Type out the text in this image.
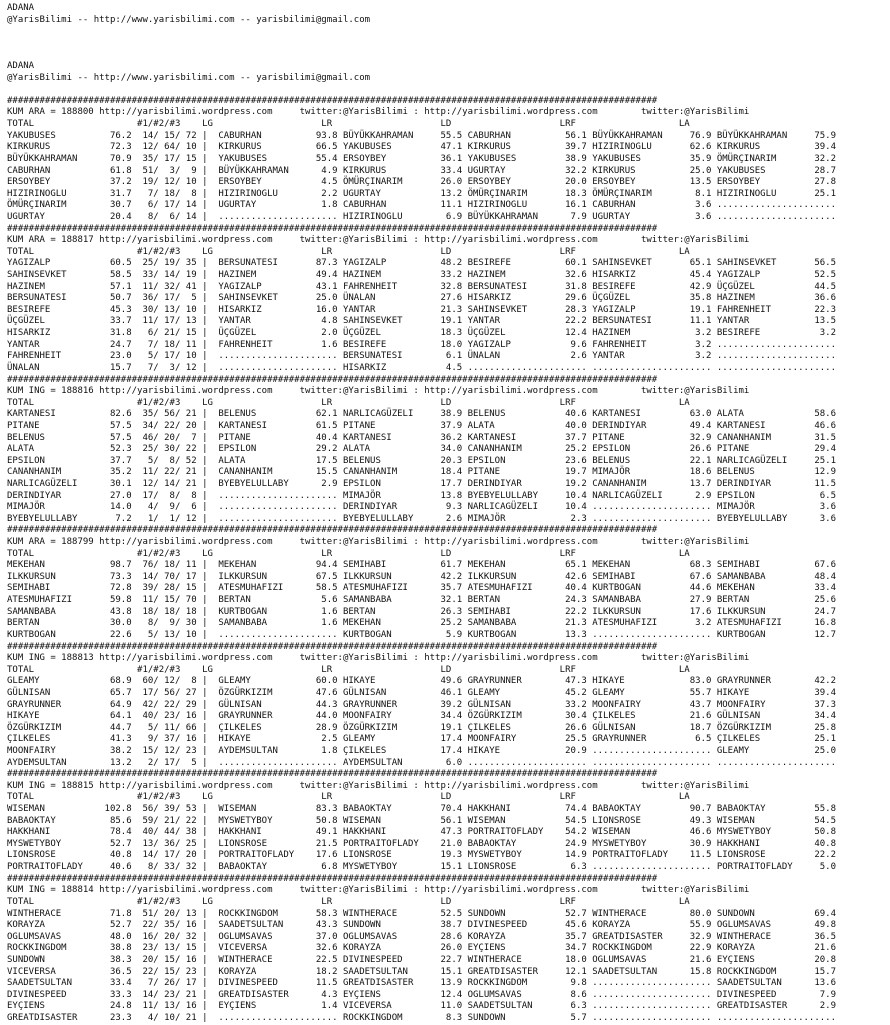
ADANA
@YarisBilimi -- http://www.yarisbilimi.com -- yarisbilimi@gmail.com

ADANA
@YarisBilimi -- http://www.yarisbilimi.com -- yarisbilimi@gmail.com

########################################################################################################################
KUM ARA = 188800 http://yarisbilimi.wordpress.com     twitter:@YarisBilimi : http://yarisbilimi.wordpress.com        twitter:@YarisBilimi
TOTAL                   #1/#2/#3    LG                    LR                    LD                    LRF                   LA
YAKUBUSES          76.2  14/ 15/ 72 |  CABURHAN          93.8 BÜYÜKKAHRAMAN     55.5 CABURHAN          56.1 BÜYÜKKAHRAMAN     76.9 BÜYÜKKAHRAMAN     75.9
KIRKURUS           72.3  12/ 64/ 10 |  KIRKURUS          66.5 YAKUBUSES         47.1 KIRKURUS          39.7 HIZIRINOGLU       62.6 KIRKURUS          39.4
BÜYÜKKAHRAMAN      70.9  35/ 17/ 15 |  YAKUBUSES         55.4 ERSOYBEY          36.1 YAKUBUSES         38.9 YAKUBUSES         35.9 ÖMÜRÇINARIM       32.2
CABURHAN           61.8  51/  3/  9 |  BÜYÜKKAHRAMAN      4.9 KIRKURUS          33.4 UGURTAY           32.2 KIRKURUS          25.0 YAKUBUSES         28.7
ERSOYBEY           37.2  19/ 12/ 10 |  ERSOYBEY           4.5 ÖMÜRÇINARIM       26.0 ERSOYBEY          20.0 ERSOYBEY          13.5 ERSOYBEY          27.8
HIZIRINOGLU        31.7   7/ 18/  8 |  HIZIRINOGLU        2.2 UGURTAY           13.2 ÖMÜRÇINARIM       18.3 ÖMÜRÇINARIM        8.1 HIZIRINOGLU       25.1
ÖMÜRÇINARIM        30.7   6/ 17/ 14 |  UGURTAY            1.8 CABURHAN          11.1 HIZIRINOGLU       16.1 CABURHAN           3.6 ......................
UGURTAY            20.4   8/  6/ 14 |  ...................... HIZIRINOGLU        6.9 BÜYÜKKAHRAMAN      7.9 UGURTAY            3.6 ......................
########################################################################################################################
KUM ARA = 188817 http://yarisbilimi.wordpress.com     twitter:@YarisBilimi : http://yarisbilimi.wordpress.com        twitter:@YarisBilimi
TOTAL                   #1/#2/#3    LG                    LR                    LD                    LRF                   LA
YAGIZALP           60.5  25/ 19/ 35 |  BERSUNATESI       87.3 YAGIZALP          48.2 BESIREFE          60.1 SAHINSEVKET       65.1 SAHINSEVKET       56.5
SAHINSEVKET        58.5  33/ 14/ 19 |  HAZINEM           49.4 HAZINEM           33.2 HAZINEM           32.6 HISARKIZ          45.4 YAGIZALP          52.5
HAZINEM            57.1  11/ 32/ 41 |  YAGIZALP          43.1 FAHRENHEIT        32.8 BERSUNATESI       31.8 BESIREFE          42.9 ÜÇGÜZEL           44.5
BERSUNATESI        50.7  36/ 17/  5 |  SAHINSEVKET       25.0 ÜNALAN            27.6 HISARKIZ          29.6 ÜÇGÜZEL           35.8 HAZINEM           36.6
BESIREFE           45.3  30/ 13/ 10 |  HISARKIZ          16.0 YANTAR            21.3 SAHINSEVKET       28.3 YAGIZALP          19.1 FAHRENHEIT        22.3
ÜÇGÜZEL            33.7  11/ 17/ 13 |  YANTAR             4.8 SAHINSEVKET       19.1 YANTAR            22.2 BERSUNATESI       11.1 YANTAR            13.5
HISARKIZ           31.8   6/ 21/ 15 |  ÜÇGÜZEL            2.0 ÜÇGÜZEL           18.3 ÜÇGÜZEL           12.4 HAZINEM            3.2 BESIREFE           3.2
YANTAR             24.7   7/ 18/ 11 |  FAHRENHEIT         1.6 BESIREFE          18.0 YAGIZALP           9.6 FAHRENHEIT         3.2 ......................
FAHRENHEIT         23.0   5/ 17/ 10 |  ...................... BERSUNATESI        6.1 ÜNALAN             2.6 YANTAR             3.2 ......................
ÜNALAN             15.7   7/  3/ 12 |  ...................... HISARKIZ           4.5 ...................... ...................... ......................
########################################################################################################################
KUM ING = 188816 http://yarisbilimi.wordpress.com     twitter:@YarisBilimi : http://yarisbilimi.wordpress.com        twitter:@YarisBilimi
TOTAL                   #1/#2/#3    LG                    LR                    LD                    LRF                   LA
KARTANESI          82.6  35/ 56/ 21 |  BELENUS           62.1 NARLICAGÜZELI     38.9 BELENUS           40.6 KARTANESI         63.0 ALATA             58.6
PITANE             57.5  34/ 22/ 20 |  KARTANESI         61.5 PITANE            37.9 ALATA             40.0 DERINDIYAR        49.4 KARTANESI         46.6
BELENUS            57.5  46/ 20/  7 |  PITANE            40.4 KARTANESI         36.2 KARTANESI         37.7 PITANE            32.9 CANANHANIM        31.5
ALATA              52.3  25/ 30/ 22 |  EPSILON           29.2 ALATA             34.0 CANANHANIM        25.2 EPSILON           26.6 PITANE            29.4
EPSILON            37.7   5/  8/ 52 |  ALATA             17.5 BELENUS           20.3 EPSILON           23.6 BELENUS           22.1 NARLICAGÜZELI     25.1
CANANHANIM         35.2  11/ 22/ 21 |  CANANHANIM        15.5 CANANHANIM        18.4 PITANE            19.7 MIMAJÖR           18.6 BELENUS           12.9
NARLICAGÜZELI      30.1  12/ 14/ 21 |  BYEBYELULLABY      2.9 EPSILON           17.7 DERINDIYAR        19.2 CANANHANIM        13.7 DERINDIYAR        11.5
DERINDIYAR         27.0  17/  8/  8 |  ...................... MIMAJÖR           13.8 BYEBYELULLABY     10.4 NARLICAGÜZELI      2.9 EPSILON            6.5
MIMAJÖR            14.0   4/  9/  6 |  ...................... DERINDIYAR         9.3 NARLICAGÜZELI     10.4 ...................... MIMAJÖR            3.6
BYEBYELULLABY       7.2   1/  1/ 12 |  ...................... BYEBYELULLABY      2.6 MIMAJÖR            2.3 ...................... BYEBYELULLABY      3.6
########################################################################################################################
KUM ARA = 188799 http://yarisbilimi.wordpress.com     twitter:@YarisBilimi : http://yarisbilimi.wordpress.com        twitter:@YarisBilimi
TOTAL                   #1/#2/#3    LG                    LR                    LD                    LRF                   LA
MEKEHAN            98.7  76/ 18/ 11 |  MEKEHAN           94.4 SEMIHABI          61.7 MEKEHAN           65.1 MEKEHAN           68.3 SEMIHABI          67.6
ILKKURSUN          73.3  14/ 70/ 17 |  ILKKURSUN         67.5 ILKKURSUN         42.2 ILKKURSUN         42.6 SEMIHABI          67.6 SAMANBABA         48.4
SEMIHABI           72.8  39/ 28/ 15 |  ATESMUHAFIZI      58.5 ATESMUHAFIZI      35.7 ATESMUHAFIZI      40.4 KURTBOGAN         44.6 MEKEHAN           33.4
ATESMUHAFIZI       59.8  11/ 15/ 70 |  BERTAN             5.6 SAMANBABA         32.1 BERTAN            24.3 SAMANBABA         27.9 BERTAN            25.6
SAMANBABA          43.8  18/ 18/ 18 |  KURTBOGAN          1.6 BERTAN            26.3 SEMIHABI          22.2 ILKKURSUN         17.6 ILKKURSUN         24.7
BERTAN             30.0   8/  9/ 30 |  SAMANBABA          1.6 MEKEHAN           25.2 SAMANBABA         21.3 ATESMUHAFIZI       3.2 ATESMUHAFIZI      16.8
KURTBOGAN          22.6   5/ 13/ 10 |  ...................... KURTBOGAN          5.9 KURTBOGAN         13.3 ...................... KURTBOGAN         12.7
########################################################################################################################
KUM ING = 188813 http://yarisbilimi.wordpress.com     twitter:@YarisBilimi : http://yarisbilimi.wordpress.com        twitter:@YarisBilimi
TOTAL                   #1/#2/#3    LG                    LR                    LD                    LRF                   LA
GLEAMY             68.9  60/ 12/  8 |  GLEAMY            60.0 HIKAYE            49.6 GRAYRUNNER        47.3 HIKAYE            83.0 GRAYRUNNER        42.2
GÜLNISAN           65.7  17/ 56/ 27 |  ÖZGÜRKIZIM        47.6 GÜLNISAN          46.1 GLEAMY            45.2 GLEAMY            55.7 HIKAYE            39.4
GRAYRUNNER         64.9  42/ 22/ 29 |  GÜLNISAN          44.3 GRAYRUNNER        39.2 GÜLNISAN          33.2 MOONFAIRY         43.7 MOONFAIRY         37.3
HIKAYE             64.1  40/ 23/ 16 |  GRAYRUNNER        44.0 MOONFAIRY         34.4 ÖZGÜRKIZIM        30.4 ÇILKELES          21.6 GÜLNISAN          34.4
ÖZGÜRKIZIM         44.7   5/ 11/ 66 |  ÇILKELES          28.9 ÖZGÜRKIZIM        19.1 ÇILKELES          26.6 GÜLNISAN          18.7 ÖZGÜRKIZIM        25.8
ÇILKELES           41.3   9/ 37/ 16 |  HIKAYE             2.5 GLEAMY            17.4 MOONFAIRY         25.5 GRAYRUNNER         6.5 ÇILKELES          25.1
MOONFAIRY          38.2  15/ 12/ 23 |  AYDEMSULTAN        1.8 ÇILKELES          17.4 HIKAYE            20.9 ...................... GLEAMY            25.0
AYDEMSULTAN        13.2   2/ 17/  5 |  ...................... AYDEMSULTAN        6.0 ...................... ...................... ......................
########################################################################################################################
KUM ING = 188815 http://yarisbilimi.wordpress.com     twitter:@YarisBilimi : http://yarisbilimi.wordpress.com        twitter:@YarisBilimi
TOTAL                   #1/#2/#3    LG                    LR                    LD                    LRF                   LA
WISEMAN           102.8  56/ 39/ 53 |  WISEMAN           83.3 BABAOKTAY         70.4 HAKKHANI          74.4 BABAOKTAY         90.7 BABAOKTAY         55.8
BABAOKTAY          85.6  59/ 21/ 22 |  MYSWETYBOY        50.8 WISEMAN           56.1 WISEMAN           54.5 LIONSROSE         49.3 WISEMAN           54.5
HAKKHANI           78.4  40/ 44/ 38 |  HAKKHANI          49.1 HAKKHANI          47.3 PORTRAITOFLADY    54.2 WISEMAN           46.6 MYSWETYBOY        50.8
MYSWETYBOY         52.7  13/ 36/ 25 |  LIONSROSE         21.5 PORTRAITOFLADY    21.0 BABAOKTAY         24.9 MYSWETYBOY        30.9 HAKKHANI          40.8
LIONSROSE          40.8  14/ 17/ 20 |  PORTRAITOFLADY    17.6 LIONSROSE         19.3 MYSWETYBOY        14.9 PORTRAITOFLADY    11.5 LIONSROSE         22.2
PORTRAITOFLADY     40.6   8/ 33/ 32 |  BABAOKTAY          6.8 MYSWETYBOY        15.1 LIONSROSE          6.3 ...................... PORTRAITOFLADY     5.0
########################################################################################################################
KUM ING = 188814 http://yarisbilimi.wordpress.com     twitter:@YarisBilimi : http://yarisbilimi.wordpress.com        twitter:@YarisBilimi
TOTAL                   #1/#2/#3    LG                    LR                    LD                    LRF                   LA
WINTHERACE         71.8  51/ 20/ 13 |  ROCKKINGDOM       58.3 WINTHERACE        52.5 SUNDOWN           52.7 WINTHERACE        80.0 SUNDOWN           69.4
KORAYZA            52.7  22/ 35/ 16 |  SAADETSULTAN      43.3 SUNDOWN           38.7 DIVINESPEED       45.6 KORAYZA           55.9 OGLUMSAVAS        49.8
OGLUMSAVAS         48.0  16/ 20/ 32 |  OGLUMSAVAS        37.0 OGLUMSAVAS        28.6 KORAYZA           35.7 GREATDISASTER     32.9 WINTHERACE        36.5
ROCKKINGDOM        38.8  23/ 13/ 15 |  VICEVERSA         32.6 KORAYZA           26.0 EYÇIENS           34.7 ROCKKINGDOM       22.9 KORAYZA           21.6
SUNDOWN            38.3  20/ 15/ 16 |  WINTHERACE        22.5 DIVINESPEED       22.7 WINTHERACE        18.0 OGLUMSAVAS        21.6 EYÇIENS           20.8
VICEVERSA          36.5  22/ 15/ 23 |  KORAYZA           18.2 SAADETSULTAN      15.1 GREATDISASTER     12.1 SAADETSULTAN      15.8 ROCKKINGDOM       15.7
SAADETSULTAN       33.4   7/ 26/ 17 |  DIVINESPEED       11.5 GREATDISASTER     13.9 ROCKKINGDOM        9.8 ...................... SAADETSULTAN      13.6
DIVINESPEED        33.3  14/ 23/ 21 |  GREATDISASTER      4.3 EYÇIENS           12.4 OGLUMSAVAS         8.6 ...................... DIVINESPEED        7.9
EYÇIENS            24.8  11/ 13/ 16 |  EYÇIENS            1.4 VICEVERSA         11.0 SAADETSULTAN       6.3 ...................... GREATDISASTER      2.9
GREATDISASTER      23.3   4/ 10/ 21 |  ...................... ROCKKINGDOM        8.3 SUNDOWN            5.7 ...................... ......................
